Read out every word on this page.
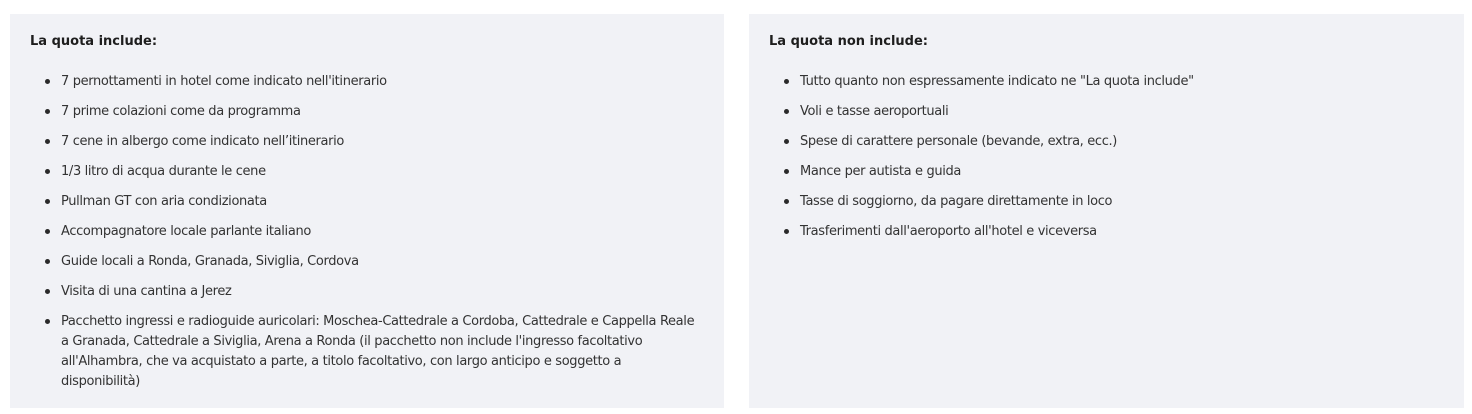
La quota include:
7 pernottamenti in hotel come indicato nell'itinerario
7 prime colazioni come da programma
7 cene in albergo come indicato nell’itinerario
1/3 litro di acqua durante le cene
Pullman GT con aria condizionata
Accompagnatore locale parlante italiano
Guide locali a Ronda, Granada, Siviglia, Cordova
Visita di una cantina a Jerez
Pacchetto ingressi e radioguide auricolari: Moschea-Cattedrale a Cordoba, Cattedrale e Cappella Reale a Granada, Cattedrale a Siviglia, Arena a Ronda (il pacchetto non include l'ingresso facoltativo all'Alhambra, che va acquistato a parte, a titolo facoltativo, con largo anticipo e soggetto a disponibilità)
La quota non include:
Tutto quanto non espressamente indicato ne "La quota include"
Voli e tasse aeroportuali
Spese di carattere personale (bevande, extra, ecc.)
Mance per autista e guida
Tasse di soggiorno, da pagare direttamente in loco
Trasferimenti dall'aeroporto all'hotel e viceversa
